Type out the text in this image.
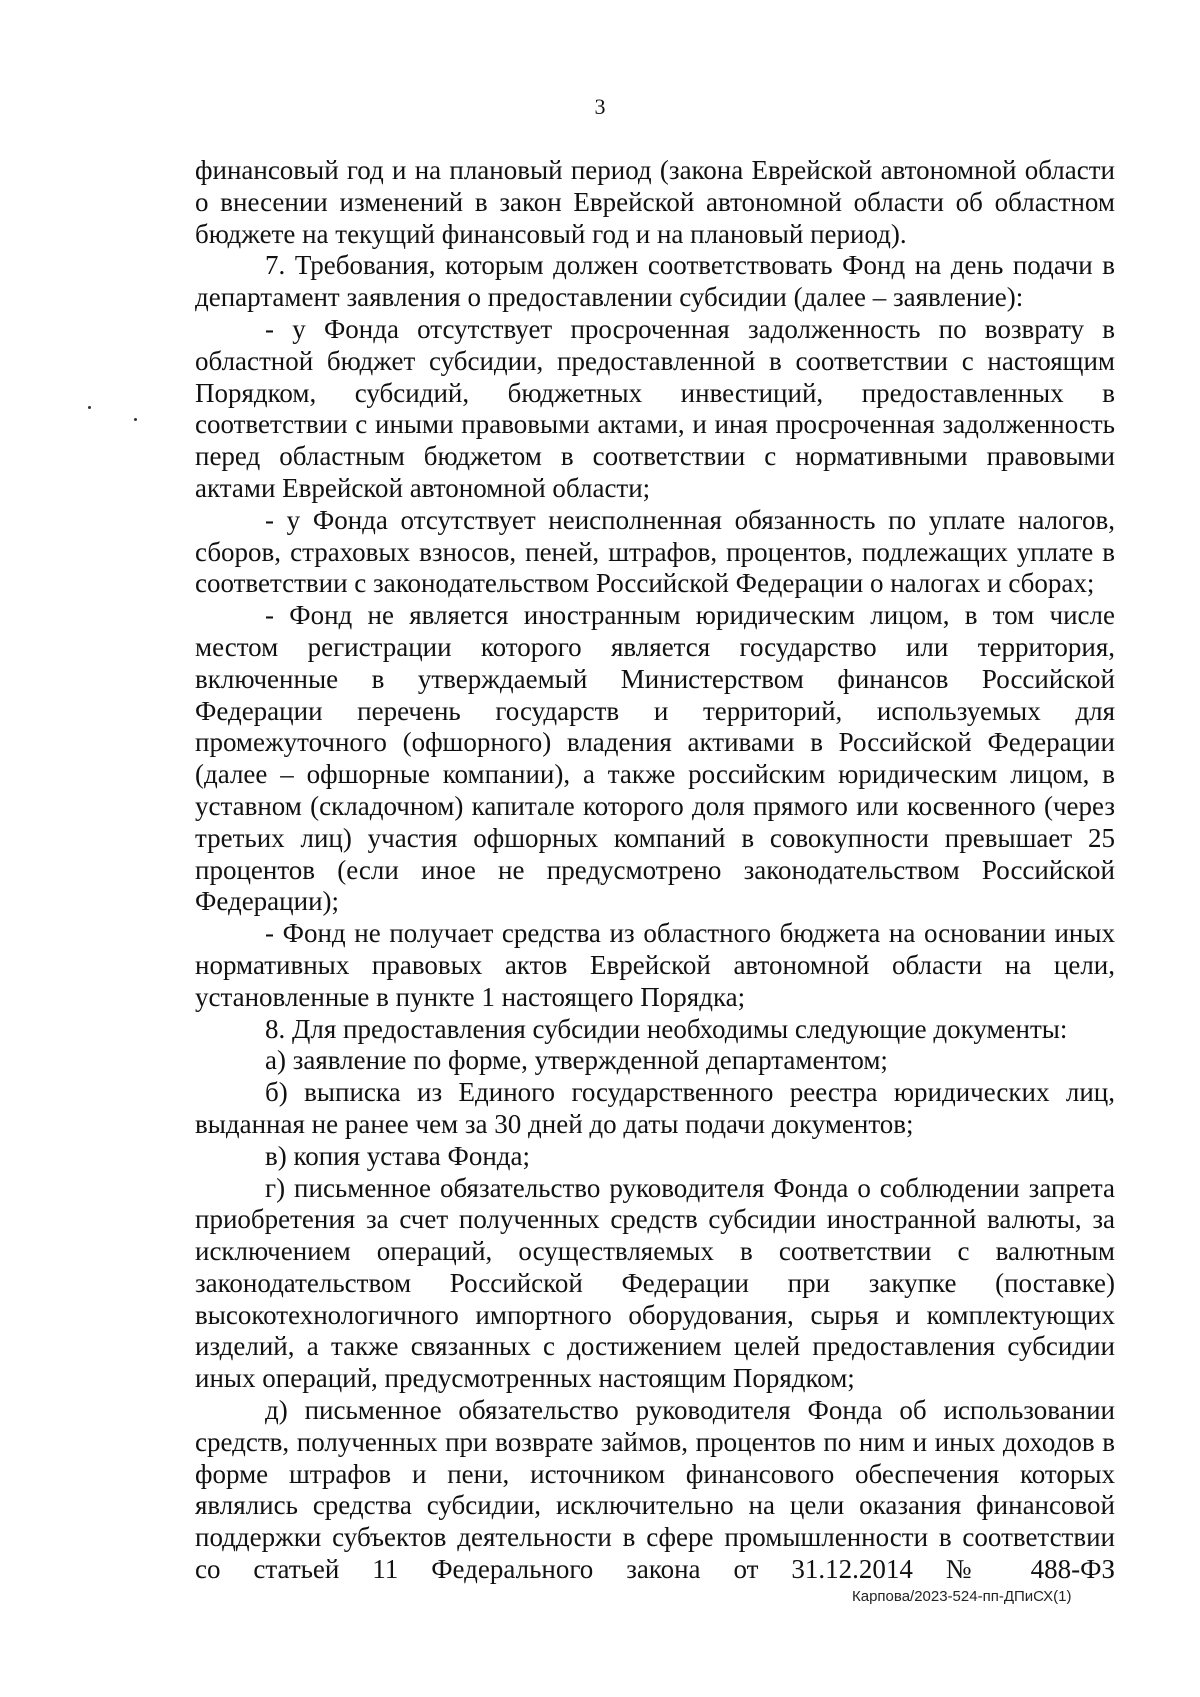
3

финансовый год и на плановый период (закона Еврейской автономной области о внесении изменений в закон Еврейской автономной области об областном бюджете на текущий финансовый год и на плановый период).

7. Требования, которым должен соответствовать Фонд на день подачи в департамент заявления о предоставлении субсидии (далее – заявление):

- у Фонда отсутствует просроченная задолженность по возврату в областной бюджет субсидии, предоставленной в соответствии с настоящим Порядком, субсидий, бюджетных инвестиций, предоставленных в соответствии с иными правовыми актами, и иная просроченная задолженность перед областным бюджетом в соответствии с нормативными правовыми актами Еврейской автономной области;

- у Фонда отсутствует неисполненная обязанность по уплате налогов, сборов, страховых взносов, пеней, штрафов, процентов, подлежащих уплате в соответствии с законодательством Российской Федерации о налогах и сборах;

- Фонд не является иностранным юридическим лицом, в том числе местом регистрации которого является государство или территория, включенные в утверждаемый Министерством финансов Российской Федерации перечень государств и территорий, используемых для промежуточного (офшорного) владения активами в Российской Федерации (далее – офшорные компании), а также российским юридическим лицом, в уставном (складочном) капитале которого доля прямого или косвенного (через третьих лиц) участия офшорных компаний в совокупности превышает 25 процентов (если иное не предусмотрено законодательством Российской Федерации);

- Фонд не получает средства из областного бюджета на основании иных нормативных правовых актов Еврейской автономной области на цели, установленные в пункте 1 настоящего Порядка;

8. Для предоставления субсидии необходимы следующие документы:

а) заявление по форме, утвержденной департаментом;

б) выписка из Единого государственного реестра юридических лиц, выданная не ранее чем за 30 дней до даты подачи документов;

в) копия устава Фонда;

г) письменное обязательство руководителя Фонда о соблюдении запрета приобретения за счет полученных средств субсидии иностранной валюты, за исключением операций, осуществляемых в соответствии с валютным законодательством Российской Федерации при закупке (поставке) высокотехнологичного импортного оборудования, сырья и комплектующих изделий, а также связанных с достижением целей предоставления субсидии иных операций, предусмотренных настоящим Порядком;

д) письменное обязательство руководителя Фонда об использовании средств, полученных при возврате займов, процентов по ним и иных доходов в форме штрафов и пени, источником финансового обеспечения которых являлись средства субсидии, исключительно на цели оказания финансовой поддержки субъектов деятельности в сфере промышленности в соответствии со статьей 11 Федерального закона от 31.12.2014 № 488-ФЗ

Карпова/2023-524-пп-ДПиСХ(1)
